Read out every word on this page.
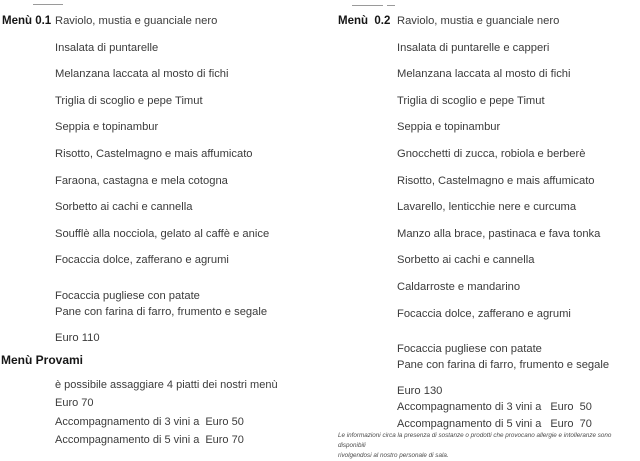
Menù 0.1 Raviolo, mustia e guanciale nero
Insalata di puntarelle
Melanzana laccata al mosto di fichi
Triglia di scoglio e pepe Timut
Seppia e topinambur
Risotto, Castelmagno e mais affumicato
Faraona, castagna e mela cotogna
Sorbetto ai cachi e cannella
Soufflè alla nocciola, gelato al caffè e anice
Focaccia dolce, zafferano e agrumi
Focaccia pugliese con patate
Pane con farina di farro, frumento e segale
Euro 110
Menù  0.2 Raviolo, mustia e guanciale nero
Insalata di puntarelle e capperi
Melanzana laccata al mosto di fichi
Triglia di scoglio e pepe Timut
Seppia e topinambur
Gnocchetti di zucca, robiola e berberè
Risotto, Castelmagno e mais affumicato
Lavarello, lenticchie nere e curcuma
Manzo alla brace, pastinaca e fava tonka
Sorbetto ai cachi e cannella
Caldarroste e mandarino
Focaccia dolce, zafferano e agrumi
Focaccia pugliese con patate
Pane con farina di farro, frumento e segale
Euro 130
Accompagnamento di 3 vini a Euro  50
Accompagnamento di 5 vini a Euro  70
Menù Provami
è possibile assaggiare 4 piatti dei nostri menù
Euro 70
Accompagnamento di 3 vini a Euro 50
Accompagnamento di 5 vini a Euro 70	Le informazioni circa la presenza di sostanze o prodotti che provocano allergie e intolleranze sono disponibili
rivolgendosi al nostro personale di sala.
